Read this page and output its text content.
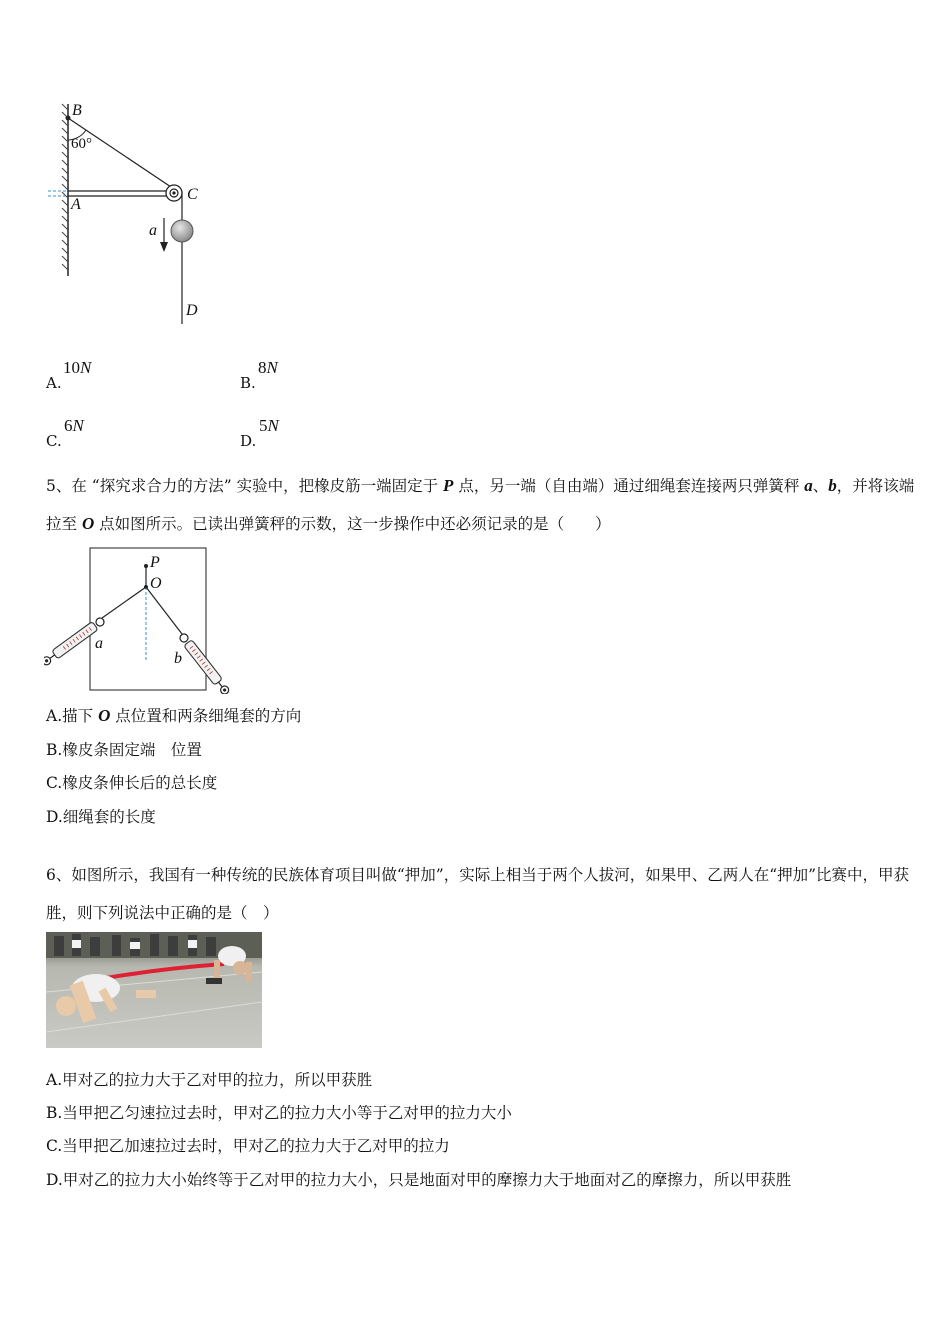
B
60°
A
C
a
D
A.
10N
B.
8N
C.
6N
D.
5N
5、在 “探究求合力的方法” 实验中，把橡皮筋一端固定于 P 点，另一端（自由端）通过细绳套连接两只弹簧秤 a、b，并将该端拉至 O 点如图所示。已读出弹簧秤的示数，这一步操作中还必须记录的是（　　）
P
O
a
b
A.描下 O 点位置和两条细绳套的方向
B.橡皮条固定端　位置
C.橡皮条伸长后的总长度
D.细绳套的长度
6、如图所示，我国有一种传统的民族体育项目叫做“押加”，实际上相当于两个人拔河，如果甲、乙两人在“押加”比赛中，甲获胜，则下列说法中正确的是（　）
A.甲对乙的拉力大于乙对甲的拉力，所以甲获胜
B.当甲把乙匀速拉过去时，甲对乙的拉力大小等于乙对甲的拉力大小
C.当甲把乙加速拉过去时，甲对乙的拉力大于乙对甲的拉力
D.甲对乙的拉力大小始终等于乙对甲的拉力大小，只是地面对甲的摩擦力大于地面对乙的摩擦力，所以甲获胜
